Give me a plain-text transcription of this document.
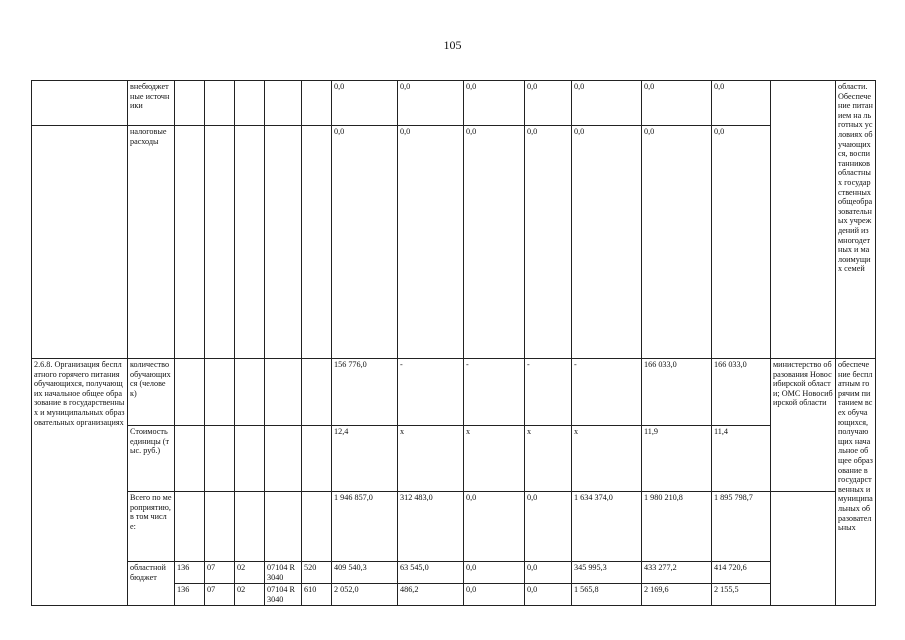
105
	внебюджетные источники						0,0	0,0	0,0	0,0	0,0	0,0	0,0		области.Обеспечение питанием на льготных условиях обучающихся, воспитанников областных государственных общеобразовательных учреждений из многодетных и малоимущих семей
	налоговые расходы						0,0	0,0	0,0	0,0	0,0	0,0	0,0		
2.6.8. Организация бесплатного горячего питания обучающихся, получающих начальное общее образование в государственных и муниципальных образовательных организациях	количество обучающихся (человек)						156 776,0	-	-	-	-	166 033,0	166 033,0	министерство образования Новосибирской области; ОМС Новосибирской области	обеспечение бесплатным горячим питанием всех обучающихся, получающих начальное общее образование в государственных и муниципальных образовательных
	Стоимость единицы (тыс. руб.)						12,4	x	x	x	x	11,9	11,4		
	Всего по мероприятию, в том числе:						1 946 857,0	312 483,0	0,0	0,0	1 634 374,0	1 980 210,8	1 895 798,7		
	областной бюджет	136	07	02	07104 R3040	520	409 540,3	63 545,0	0,0	0,0	345 995,3	433 277,2	414 720,6		
		136	07	02	07104 R3040	610	2 052,0	486,2	0,0	0,0	1 565,8	2 169,6	2 155,5		
